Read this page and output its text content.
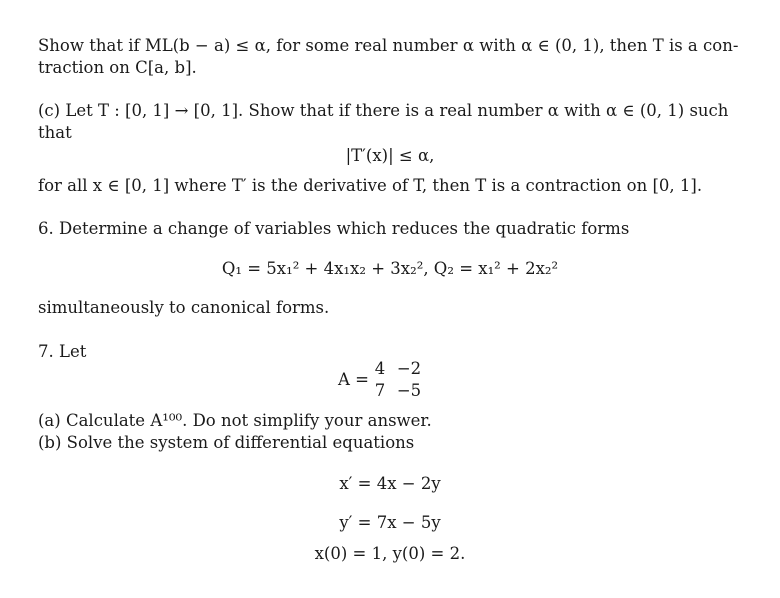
Show that if ML(b − a) ≤ α, for some real number α with α ∈ (0, 1), then T is a con-
traction on C[a, b].
(c) Let T : [0, 1] → [0, 1]. Show that if there is a real number α with α ∈ (0, 1) such
that
|T′(x)| ≤ α,
for all x ∈ [0, 1] where T′ is the derivative of T, then T is a contraction on [0, 1].
6. Determine a change of variables which reduces the quadratic forms
Q₁ = 5x₁² + 4x₁x₂ + 3x₂², Q₂ = x₁² + 2x₂²
simultaneously to canonical forms.
7. Let
A =
4 −2
7 −5
(a) Calculate A¹⁰⁰. Do not simplify your answer.
(b) Solve the system of differential equations
x′ = 4x − 2y
y′ = 7x − 5y
x(0) = 1, y(0) = 2.
